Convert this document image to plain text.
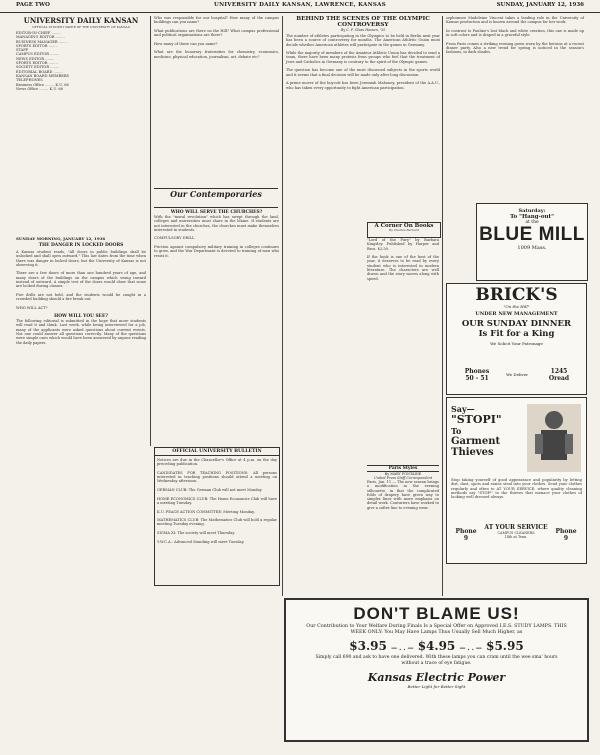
PAGE TWO	UNIVERSITY DAILY KANSAN, LAWRENCE, KANSAS	SUNDAY, JANUARY 12, 1936
UNIVERSITY DAILY KANSAN
OFFICIAL STUDENT PAPER OF THE UNIVERSITY OF KANSAS
EDITOR-IN-CHIEF ........
MANAGING EDITOR ........
BUSINESS MANAGER ........
SPORTS EDITOR ........
STAFF
CAMPUS EDITOR ........
NEWS EDITOR ........
SPORTS EDITOR ........
SOCIETY EDITOR ........
EDITORIAL BOARD ........
KANSAN BOARD MEMBERS
TELEPHONES
Business Office ........ K.U. 66
News Office ........ K.U. 66
SUNDAY MORNING, JANUARY 12, 1936
THE DANGER IN LOCKED DOORS
A Kansas student reads, "All doors in public buildings shall be unlocked and shall open outward." This law dates from the time when there was danger in locked doors, but the University of Kansas is not observing it.

There are a few doors of more than one hundred years of age, and many doors of the buildings on the campus which swing inward instead of outward. A simple test of the doors would show that some are locked during classes.

Fire drills are not held, and the students would be caught in a crowded building should a fire break out.

WHO WILL ACT?
HOW WILL YOU SEE?
The following editorial is submitted in the hope that more students will read it and think. Last week, while being interviewed for a job, many of the applicants were asked questions about current events. Not one could answer all questions correctly. Many of the questions were simple ones which would have been answered by anyone reading the daily papers.
Who was responsible for our hospital? How many of the campus buildings can you name?

What publications are there on the Hill? What campus professional and political organizations are there?

How many of these can you name?

What are the honorary fraternities for chemistry, economics, medicine, physical education, journalism, art, debate etc?
Our Contemporaries
WHO WILL SERVE THE CHURCHES?
With the "moral revolution" which has swept through the land, colleges and universities must share in the blame. If students are not interested in the churches, the churches must make themselves interested in students.

COMPULSORY DRILL

Friction against compulsory military training in colleges continues to grow, and the War Department is devoted to training of men who resist it.
OFFICIAL UNIVERSITY BULLETIN
Notices are due in the Chancellor's Office at 4 p.m. on the day preceding publication.

CANDIDATES FOR TEACHING POSITIONS: All persons interested in teaching positions should attend a meeting on Wednesday afternoon.

GERMAN CLUB: The German Club will not meet Monday.

HOME ECONOMICS CLUB: The Home Economics Club will have a meeting Tuesday.

K.U. PEACE ACTION COMMITTEE: Meeting Monday.

MATHEMATICS CLUB: The Mathematics Club will hold a regular meeting Tuesday evening.

SIGMA XI: The society will meet Thursday.

Y.W.C.A.: Advanced Standing will meet Tuesday.
BEHIND THE SCENES OF THE OLYMPIC CONTROVERSY
By C. F. Glass Hassen, '35
The number of athletes participating in the Olympics to be held in Berlin next year has been a source of controversy for months. The American Athletic Union must decide whether American athletes will participate in the games in Germany.

While the majority of members of the Amateur Athletic Union has decided to send a team, there have been many protests from groups who feel that the treatment of Jews and Catholics in Germany is contrary to the spirit of the Olympic games.

The question has become one of the most discussed subjects in the sports world and it seems that a final decision will be made only after long discussion.

A prime mover of the boycott has been Jeremiah Mahoney, president of the A.A.U., who has taken every opportunity to fight American participation.
sophomore Madeleine Vincent takes a leading role in the University of Kansas production and is known around the campus for her work.

In contrast to Pauline's last black and white creation, this one is made up in soft colors and is draped in a graceful style.

From Paris comes a striking evening gown worn by the heroine at a recent dinner party. Also a new trend for spring is noticed in the season's fashions, in dark shades.
A Corner On Books
By Charles Bernard
"Lord of the Fury" by Barbara Kingsley. Published by Harper and Bros. $2.50.

If the book is one of the best of the year, it deserves to be read by every student who is interested in modern literature. The characters are well drawn and the story moves along with speed.
Paris Styles
By MARY FONTAINE
United Press Staff Correspondent
Paris, Jan. 11 — The new season brings a modification in the evening silhouette, in that the complicated folds of drapery have given way to simpler lines with more emphasis on detail work. Couturiers have worked to give a softer line to evening wear.
Saturday:
To "Hang-out"
at the
BLUE MILL
1009 Mass.
BRICK'S
"On the Hill"
UNDER NEW MANAGEMENT
OUR SUNDAY DINNER
Is Fit for a King
We Solicit Your Patronage
Phones
50 - 51
We Deliver	1245
Oread
Say—
"STOPI"
To
Garment
Thieves
Stop taking yourself of good appearance and popularity by letting dirt, dust, spots and stains steal into your clothes. Send your clothes regularly and often to AT YOUR SERVICE, where quality cleaning methods say "STOP!" to the thieves that menace your clothes of looking well dressed always.
Phone
9
AT YOUR SERVICE
CAMPUS CLEANERS
14th at Tenn.
Phone
9
DON'T BLAME US!
Our Contribution to Your Welfare During Finals Is a Special Offer on Approved I.E.S. STUDY LAMPS. THIS WEEK ONLY: You May Have Lamps Thus Usually Sell Much Higher, as
$3.95 — . . — $4.95 — . . — $5.95
Simply call 690 and ask to have one delivered. With these lamps you can cram until the wee sma' hours without a trace of eye fatigue.
Kansas Electric Power
Better Light for Better Sight
